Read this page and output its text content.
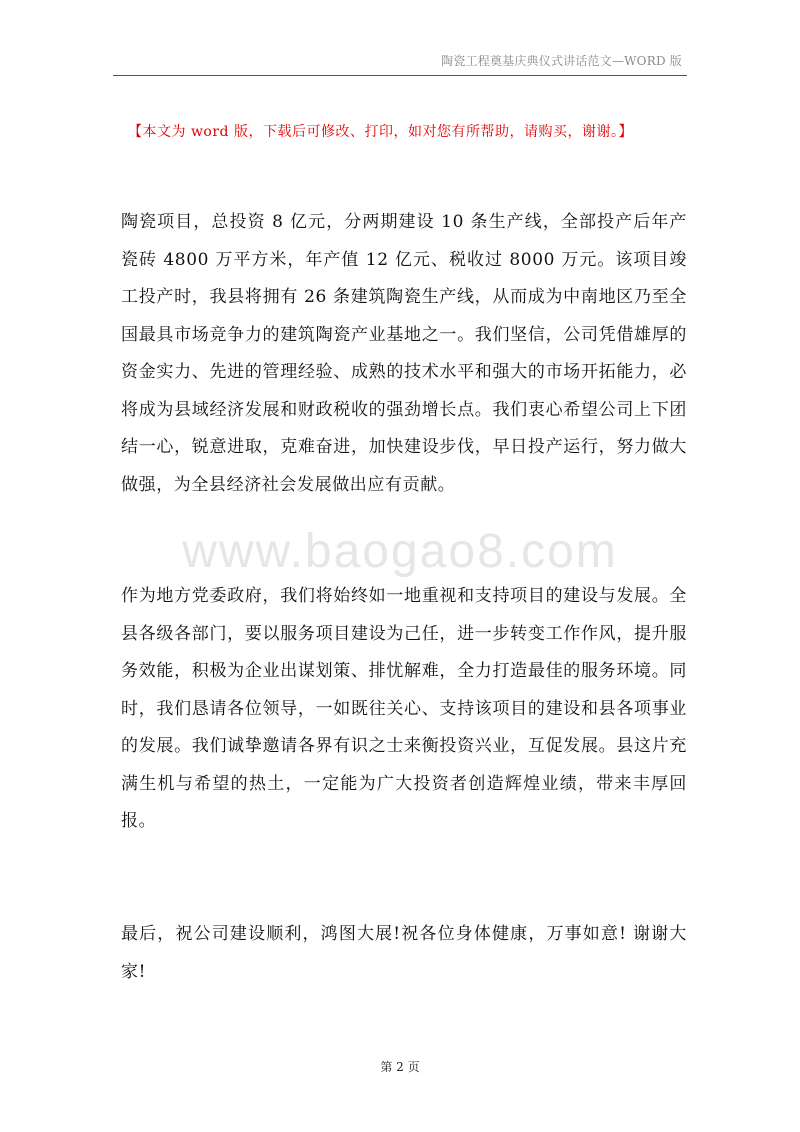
陶瓷工程奠基庆典仪式讲话范文—WORD 版
【本文为 word 版，下载后可修改、打印，如对您有所帮助，请购买，谢谢。】
www.baogao8.com

陶瓷项目，总投资 8 亿元，分两期建设 10 条生产线，全部投产后年产瓷砖 4800 万平方米，年产值 12 亿元、税收过 8000 万元。该项目竣工投产时，我县将拥有 26 条建筑陶瓷生产线，从而成为中南地区乃至全国最具市场竞争力的建筑陶瓷产业基地之一。我们坚信，公司凭借雄厚的资金实力、先进的管理经验、成熟的技术水平和强大的市场开拓能力，必将成为县域经济发展和财政税收的强劲增长点。我们衷心希望公司上下团结一心，锐意进取，克难奋进，加快建设步伐，早日投产运行，努力做大做强，为全县经济社会发展做出应有贡献。

作为地方党委政府，我们将始终如一地重视和支持项目的建设与发展。全县各级各部门，要以服务项目建设为己任，进一步转变工作作风，提升服务效能，积极为企业出谋划策、排忧解难，全力打造最佳的服务环境。同时，我们恳请各位领导，一如既往关心、支持该项目的建设和县各项事业的发展。我们诚挚邀请各界有识之士来衡投资兴业，互促发展。县这片充满生机与希望的热土，一定能为广大投资者创造辉煌业绩，带来丰厚回报。

最后，祝公司建设顺利，鸿图大展!祝各位身体健康，万事如意! 谢谢大家!

第 2 页
